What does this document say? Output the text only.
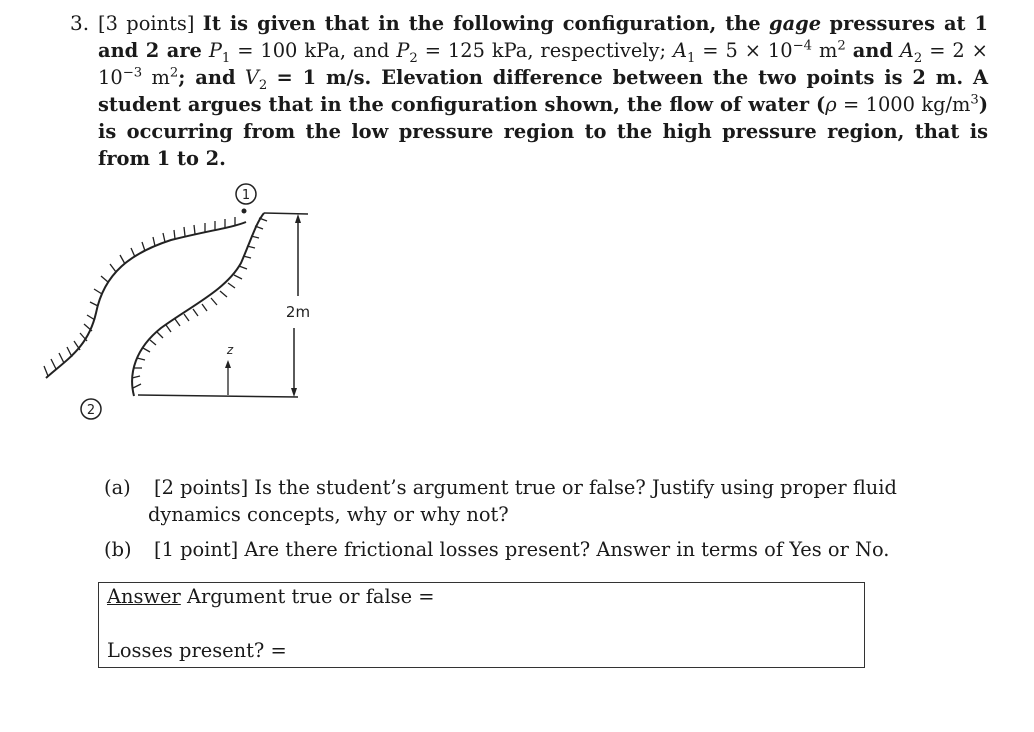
3. [3 points] It is given that in the following configuration, the gage pressures at 1 and 2 are $P_1 = 100$ kPa, and $P_2 = 125$ kPa, respectively; $A_1 = 5 \times 10^{-4}$ $m^2$ and $A_2 = 2 \times 10^{-3}$ $m^2$; and $V_2 = 1$ m/s. Elevation difference between the two points is 2 m. A student argues that in the configuration shown, the flow of water (ρ = 1000 $kg/m^3$) is occurring from the low pressure region to the high pressure region, that is from 1 to 2.
1
2
2m
z
(a) [2 points] Is the student’s argument true or false? Justify using proper fluid
dynamics concepts, why or why not?
(b) [1 point] Are there frictional losses present? Answer in terms of Yes or No.
Answer Argument true or false =
Losses present? =
